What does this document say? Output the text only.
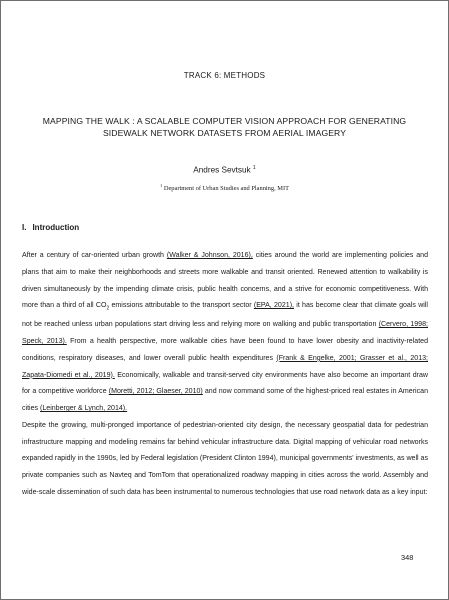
TRACK 6: METHODS
MAPPING THE WALK : A SCALABLE COMPUTER VISION APPROACH FOR GENERATING
SIDEWALK NETWORK DATASETS FROM AERIAL IMAGERY
Andres Sevtsuk $^1$
$^1$ Department of Urban Studies and Planning, MIT
I. Introduction

After a century of car-oriented urban growth (Walker & Johnson, 2016), cities around the world are implementing policies and plans that aim to make their neighborhoods and streets more walkable and transit oriented. Renewed attention to walkability is driven simultaneously by the impending climate crisis, public health concerns, and a strive for economic competitiveness. With more than a third of all $CO_2$ emissions attributable to the transport sector (EPA, 2021), it has become clear that climate goals will not be reached unless urban populations start driving less and relying more on walking and public transportation (Cervero, 1998; Speck, 2013). From a health perspective, more walkable cities have been found to have lower obesity and inactivity-related conditions, respiratory diseases, and lower overall public health expenditures (Frank & Engelke, 2001; Grasser et al., 2013; Zapata-Diomedi et al., 2019). Economically, walkable and transit-served city environments have also become an important draw for a competitive workforce (Moretti, 2012; Glaeser, 2010) and now command some of the highest-priced real estates in American cities (Leinberger & Lynch, 2014).

Despite the growing, multi-pronged importance of pedestrian-oriented city design, the necessary geospatial data for pedestrian infrastructure mapping and modeling remains far behind vehicular infrastructure data. Digital mapping of vehicular road networks expanded rapidly in the 1990s, led by Federal legislation (President Clinton 1994), municipal governments' investments, as well as private companies such as Navteq and TomTom that operationalized roadway mapping in cities across the world. Assembly and wide-scale dissemination of such data has been instrumental to numerous technologies that use road network data as a key input:

348
